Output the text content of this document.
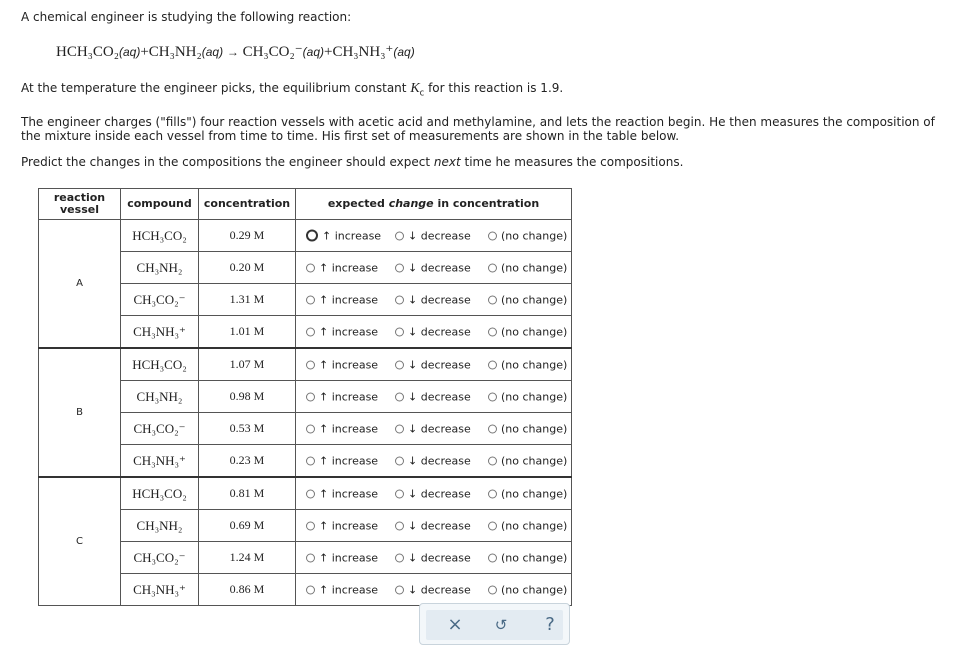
A chemical engineer is studying the following reaction:

HCH₃CO₂(aq)+CH₃NH₂(aq) → CH₃CO₂⁻(aq)+CH₃NH₃⁺(aq)

At the temperature the engineer picks, the equilibrium constant $K_c$ for this reaction is 1.9.

The engineer charges ("fills") four reaction vessels with acetic acid and methylamine, and lets the reaction begin. He then measures the composition of the mixture inside each vessel from time to time. His first set of measurements are shown in the table below.

Predict the changes in the compositions the engineer should expect next time he measures the compositions.

reaction vessel	compound	concentration	expected change in concentration
A	HCH₃CO₂	0.29 M	↑ increase ↓ decrease (no change)

	CH₃NH₂	0.20 M	↑ increase ↓ decrease (no change)

	CH₃CO₂⁻	1.31 M	↑ increase ↓ decrease (no change)

	CH₃NH₃⁺	1.01 M	↑ increase ↓ decrease (no change)

B	HCH₃CO₂	1.07 M	↑ increase ↓ decrease (no change)

	CH₃NH₂	0.98 M	↑ increase ↓ decrease (no change)

	CH₃CO₂⁻	0.53 M	↑ increase ↓ decrease (no change)

	CH₃NH₃⁺	0.23 M	↑ increase ↓ decrease (no change)

C	HCH₃CO₂	0.81 M	↑ increase ↓ decrease (no change)

	CH₃NH₂	0.69 M	↑ increase ↓ decrease (no change)

	CH₃CO₂⁻	1.24 M	↑ increase ↓ decrease (no change)

	CH₃NH₃⁺	0.86 M	↑ increase ↓ decrease (no change)
× ↺ ?
